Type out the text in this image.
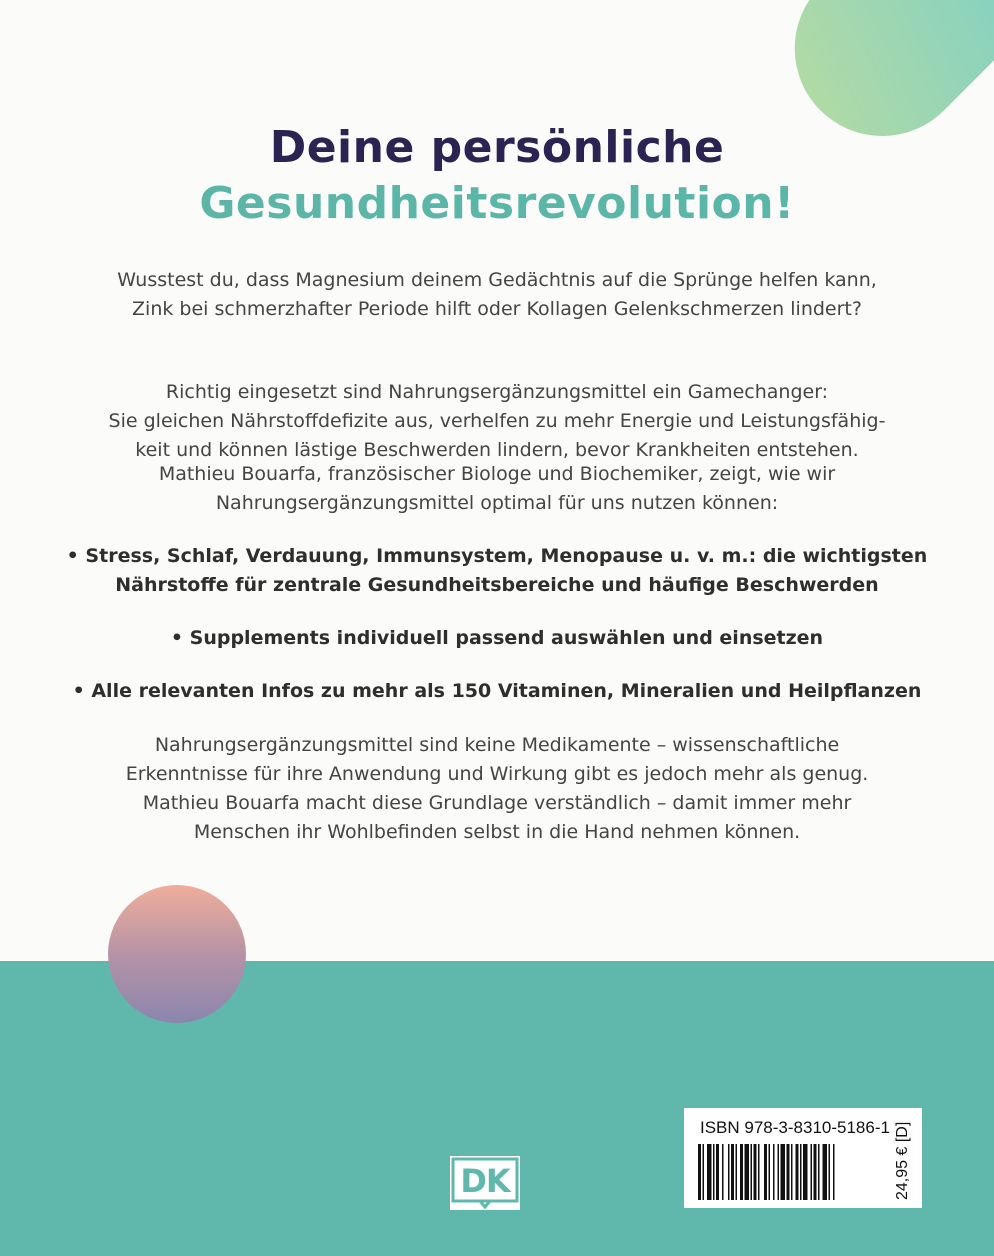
Deine persönliche
Gesundheitsrevolution!
Wusstest du, dass Magnesium deinem Gedächtnis auf die Sprünge helfen kann,
Zink bei schmerzhafter Periode hilft oder Kollagen Gelenkschmerzen lindert?
Richtig eingesetzt sind Nahrungsergänzungsmittel ein Gamechanger:
Sie gleichen Nährstoffdefizite aus, verhelfen zu mehr Energie und Leistungsfähig-
keit und können lästige Beschwerden lindern, bevor Krankheiten entstehen.
Mathieu Bouarfa, französischer Biologe und Biochemiker, zeigt, wie wir
Nahrungsergänzungsmittel optimal für uns nutzen können:
• Stress, Schlaf, Verdauung, Immunsystem, Menopause u. v. m.: die wichtigsten
Nährstoffe für zentrale Gesundheitsbereiche und häufige Beschwerden
• Supplements individuell passend auswählen und einsetzen
• Alle relevanten Infos zu mehr als 150 Vitaminen, Mineralien und Heilpflanzen
Nahrungsergänzungsmittel sind keine Medikamente – wissenschaftliche
Erkenntnisse für ihre Anwendung und Wirkung gibt es jedoch mehr als genug.
Mathieu Bouarfa macht diese Grundlage verständlich – damit immer mehr
Menschen ihr Wohlbefinden selbst in die Hand nehmen können.
DK
ISBN 978-3-8310-5186-1 24,95 € [D]
